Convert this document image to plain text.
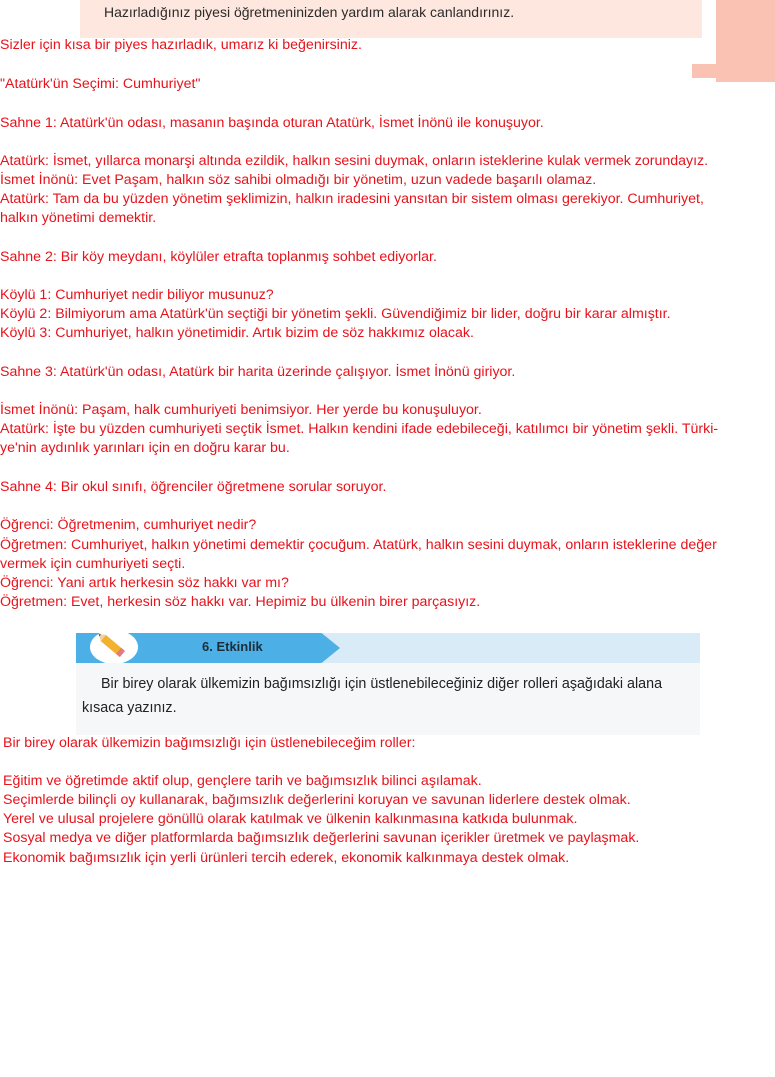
Hazırladığınız piyesi öğretmeninizden yardım alarak canlandırınız.
Sizler için kısa bir piyes hazırladık, umarız ki beğenirsiniz.
"Atatürk'ün Seçimi: Cumhuriyet"
Sahne 1: Atatürk'ün odası, masanın başında oturan Atatürk, İsmet İnönü ile konuşuyor.
Atatürk: İsmet, yıllarca monarşi altında ezildik, halkın sesini duymak, onların isteklerine kulak vermek zorundayız.
İsmet İnönü: Evet Paşam, halkın söz sahibi olmadığı bir yönetim, uzun vadede başarılı olamaz.
Atatürk: Tam da bu yüzden yönetim şeklimizin, halkın iradesini yansıtan bir sistem olması gerekiyor. Cumhuriyet,
halkın yönetimi demektir.
Sahne 2: Bir köy meydanı, köylüler etrafta toplanmış sohbet ediyorlar.
Köylü 1: Cumhuriyet nedir biliyor musunuz?
Köylü 2: Bilmiyorum ama Atatürk'ün seçtiği bir yönetim şekli. Güvendiğimiz bir lider, doğru bir karar almıştır.
Köylü 3: Cumhuriyet, halkın yönetimidir. Artık bizim de söz hakkımız olacak.
Sahne 3: Atatürk'ün odası, Atatürk bir harita üzerinde çalışıyor. İsmet İnönü giriyor.
İsmet İnönü: Paşam, halk cumhuriyeti benimsiyor. Her yerde bu konuşuluyor.
Atatürk: İşte bu yüzden cumhuriyeti seçtik İsmet. Halkın kendini ifade edebileceği, katılımcı bir yönetim şekli. Türki-
ye'nin aydınlık yarınları için en doğru karar bu.
Sahne 4: Bir okul sınıfı, öğrenciler öğretmene sorular soruyor.
Öğrenci: Öğretmenim, cumhuriyet nedir?
Öğretmen: Cumhuriyet, halkın yönetimi demektir çocuğum. Atatürk, halkın sesini duymak, onların isteklerine değer
vermek için cumhuriyeti seçti.
Öğrenci: Yani artık herkesin söz hakkı var mı?
Öğretmen: Evet, herkesin söz hakkı var. Hepimiz bu ülkenin birer parçasıyız.
6. Etkinlik
Bir birey olarak ülkemizin bağımsızlığı için üstlenebileceğiniz diğer rolleri aşağıdaki alana
kısaca yazınız.
Bir birey olarak ülkemizin bağımsızlığı için üstlenebileceğim roller:
Eğitim ve öğretimde aktif olup, gençlere tarih ve bağımsızlık bilinci aşılamak.
Seçimlerde bilinçli oy kullanarak, bağımsızlık değerlerini koruyan ve savunan liderlere destek olmak.
Yerel ve ulusal projelere gönüllü olarak katılmak ve ülkenin kalkınmasına katkıda bulunmak.
Sosyal medya ve diğer platformlarda bağımsızlık değerlerini savunan içerikler üretmek ve paylaşmak.
Ekonomik bağımsızlık için yerli ürünleri tercih ederek, ekonomik kalkınmaya destek olmak.
